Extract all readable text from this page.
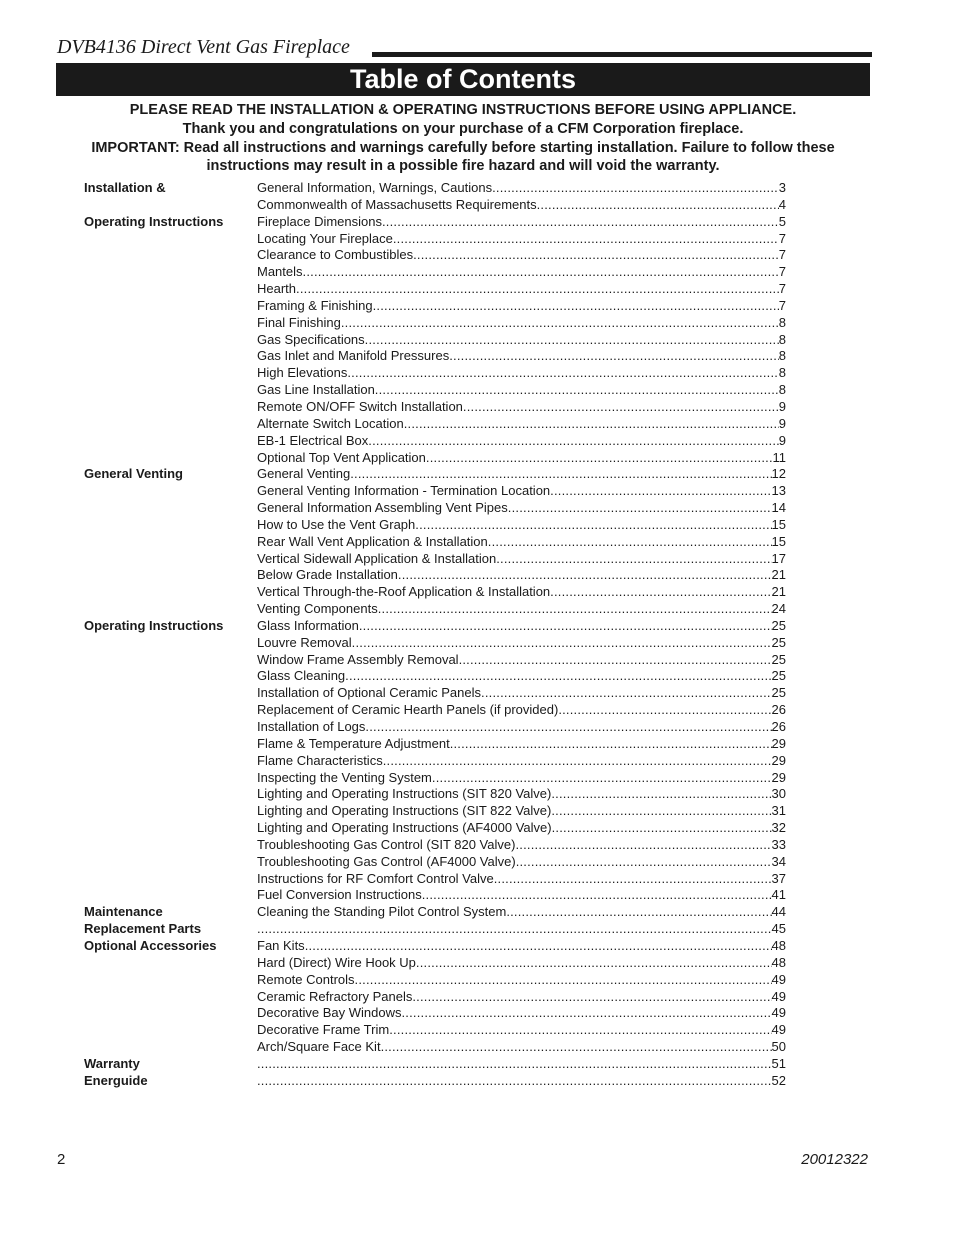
DVB4136 Direct Vent Gas Fireplace
Table of Contents

PLEASE READ THE INSTALLATION & OPERATING INSTRUCTIONS BEFORE USING APPLIANCE.

Thank you and congratulations on your purchase of a CFM Corporation fireplace.

IMPORTANT: Read all instructions and warnings carefully before starting installation. Failure to follow these

instructions may result in a possible fire hazard and will void the warranty.

Installation &	General Information, Warnings, Cautions .....	3
Commonwealth of Massachusetts Requirements .....	4
Operating Instructions	Fireplace Dimensions .....	5
Locating Your Fireplace .....	7
Clearance to Combustibles .....	7
Mantels .....	7
Hearth .....	7
Framing & Finishing .....	7
Final Finishing .....	8
Gas Specifications .....	8
Gas Inlet and Manifold Pressures .....	8
High Elevations .....	8
Gas Line Installation .....	8
Remote ON/OFF Switch Installation .....	9
Alternate Switch Location .....	9
EB-1 Electrical Box .....	9
Optional Top Vent Application .....	11
General Venting	General Venting .....	12
General Venting Information - Termination Location .....	13
General Information Assembling Vent Pipes .....	14
How to Use the Vent Graph .....	15
Rear Wall Vent Application & Installation .....	15
Vertical Sidewall Application & Installation .....	17
Below Grade Installation .....	21
Vertical Through-the-Roof Application & Installation .....	21
Venting Components .....	24
Operating Instructions	Glass Information .....	25
Louvre Removal .....	25
Window Frame Assembly Removal .....	25
Glass Cleaning .....	25
Installation of Optional Ceramic Panels .....	25
Replacement of Ceramic Hearth Panels (if provided) .....	26
Installation of Logs .....	26
Flame & Temperature Adjustment .....	29
Flame Characteristics .....	29
Inspecting the Venting System .....	29
Lighting and Operating Instructions (SIT 820 Valve) .....	30
Lighting and Operating Instructions (SIT 822 Valve) .....	31
Lighting and Operating Instructions (AF4000 Valve) .....	32
Troubleshooting Gas Control (SIT 820 Valve) .....	33
Troubleshooting Gas Control (AF4000 Valve) .....	34
Instructions for RF Comfort Control Valve .....	37
Fuel Conversion Instructions .....	41
Maintenance	Cleaning the Standing Pilot Control System .....	44
Replacement Parts .....	45
Optional Accessories	Fan Kits .....	48
Hard (Direct) Wire Hook Up .....	48
Remote Controls .....	49
Ceramic Refractory Panels .....	49
Decorative Bay Windows .....	49
Decorative Frame Trim .....	49
Arch/Square Face Kit .....	50
Warranty .....	51
Energuide .....	52
2	20012322
